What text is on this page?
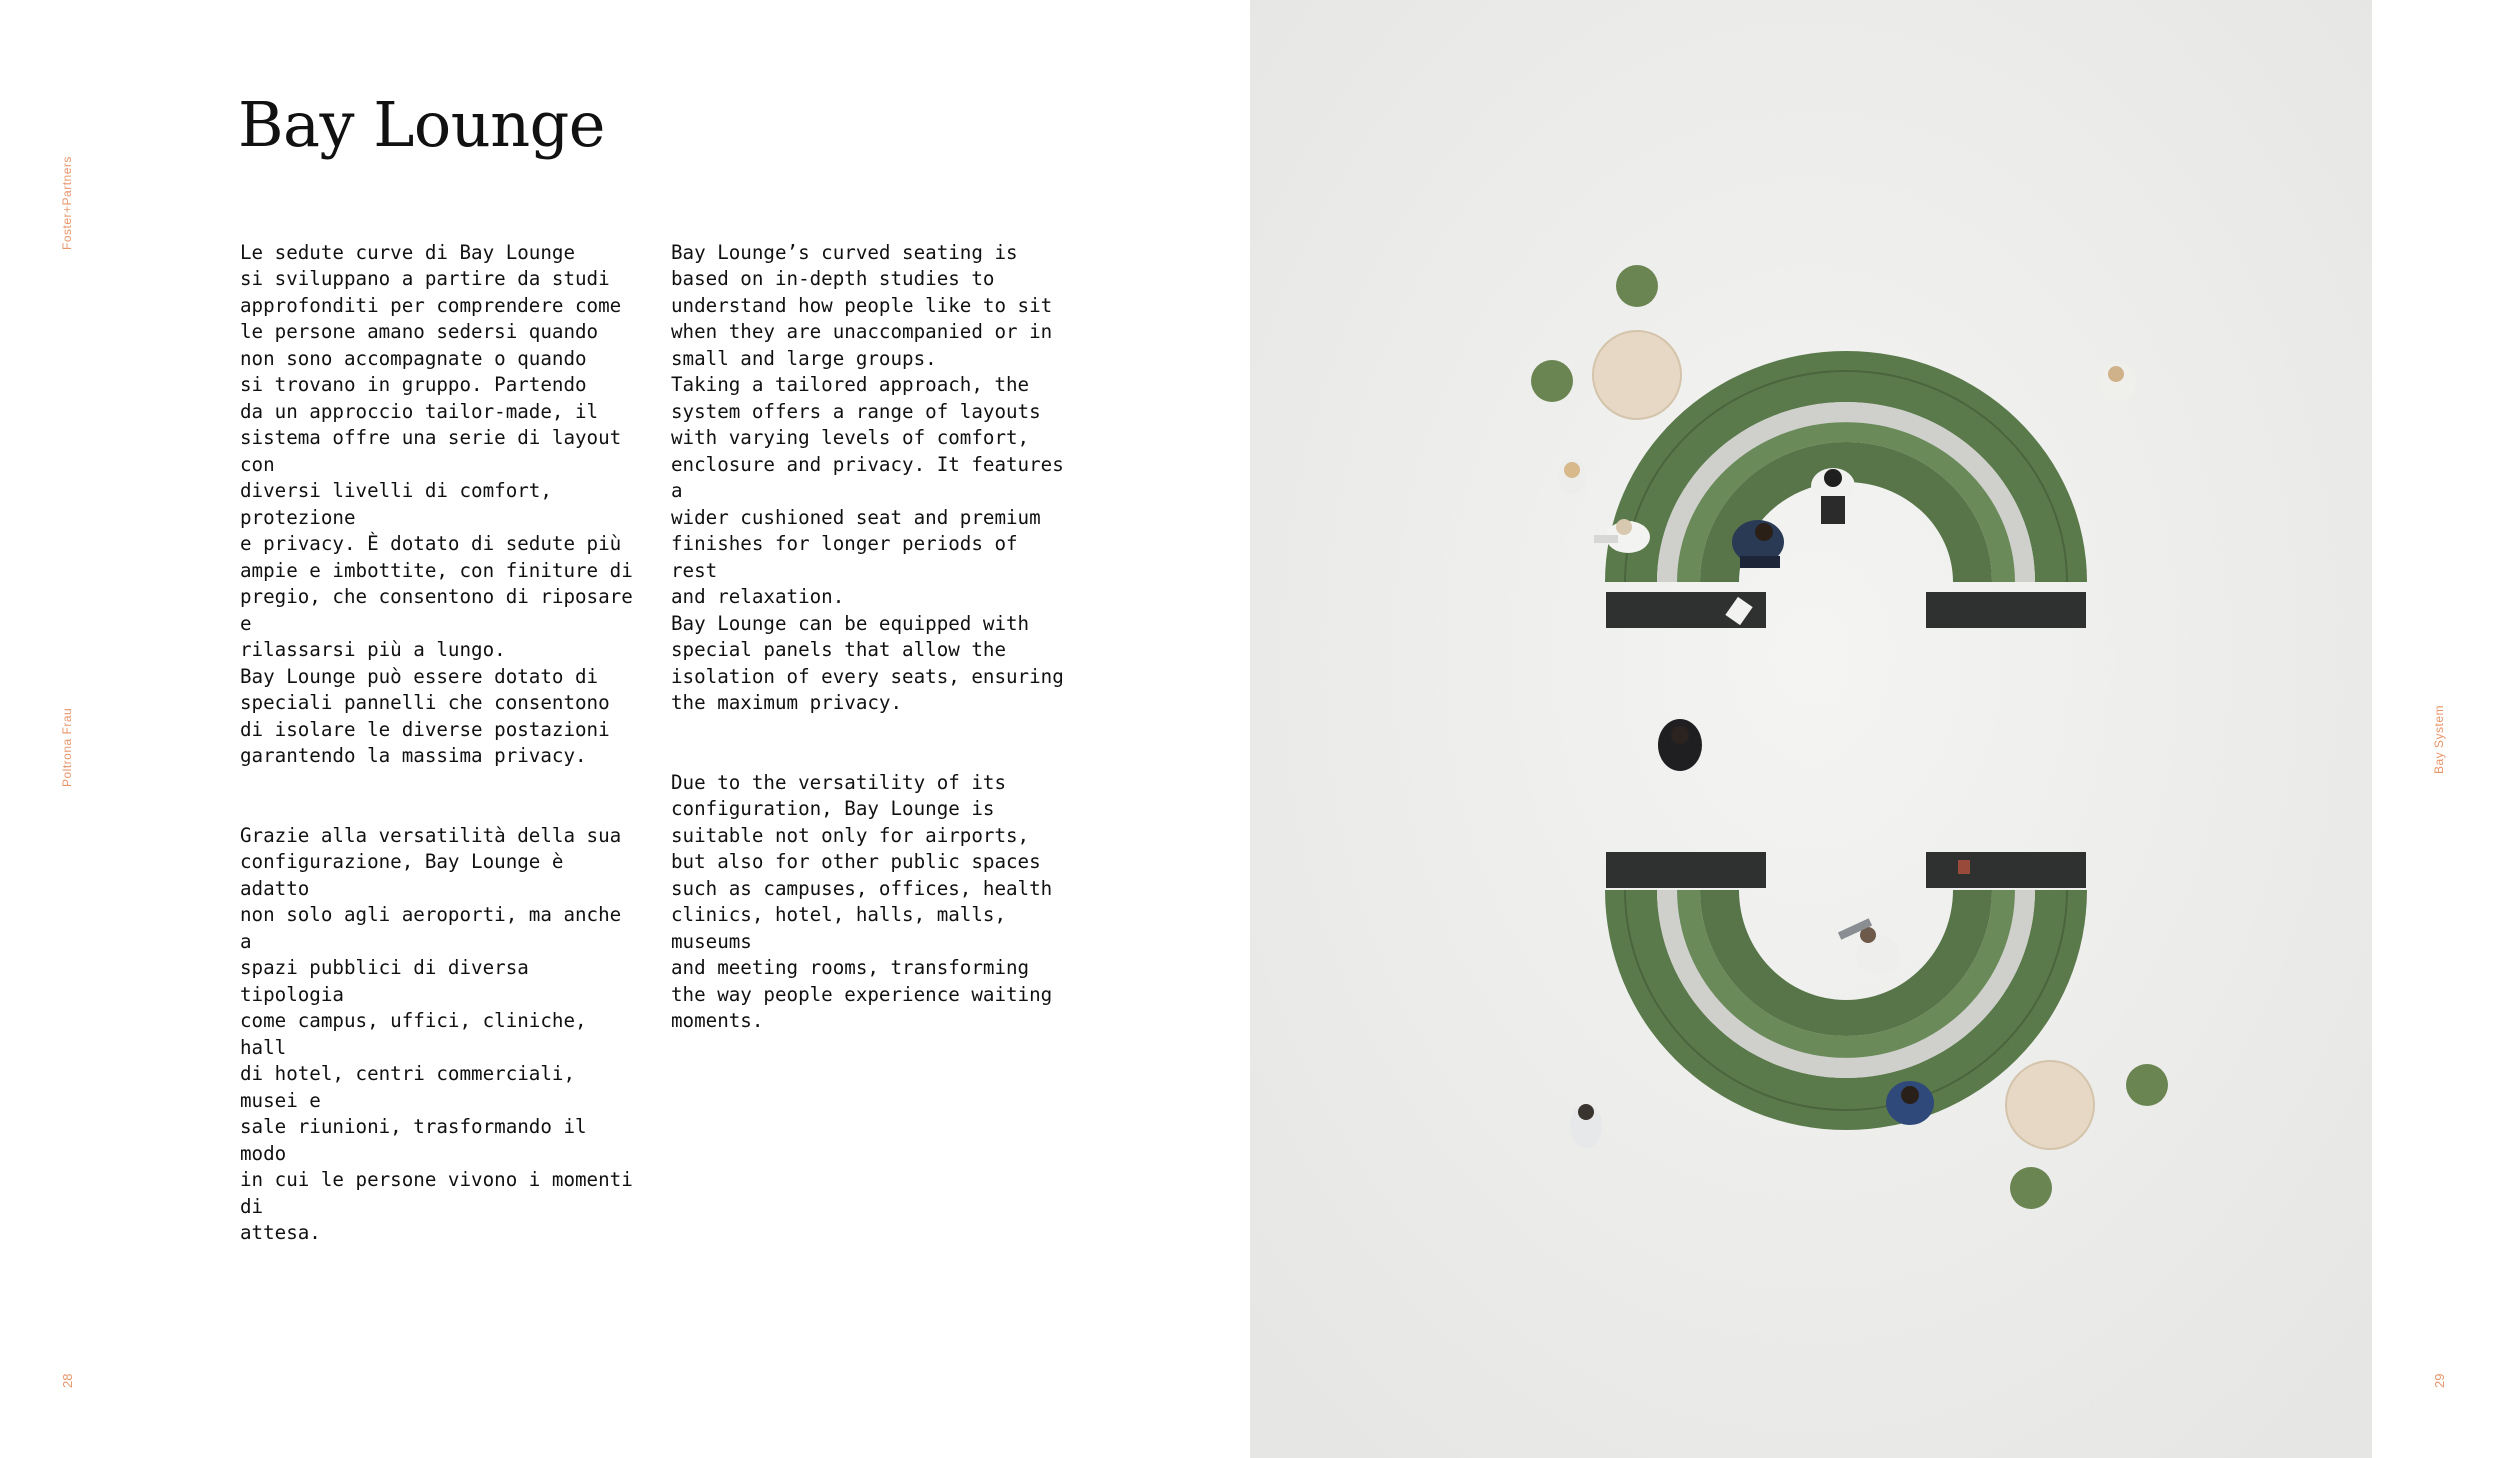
Foster+Partners
Poltrona Frau
28
Bay Lounge

Le sedute curve di Bay Lounge
si sviluppano a partire da studi
approfonditi per comprendere come
le persone amano sedersi quando
non sono accompagnate o quando
si trovano in gruppo. Partendo
da un approccio tailor-made, il
sistema offre una serie di layout con
diversi livelli di comfort, protezione
e privacy. È dotato di sedute più
ampie e imbottite, con finiture di
pregio, che consentono di riposare e
rilassarsi più a lungo.
Bay Lounge può essere dotato di
speciali pannelli che consentono
di isolare le diverse postazioni
garantendo la massima privacy.

Grazie alla versatilità della sua
configurazione, Bay Lounge è adatto
non solo agli aeroporti, ma anche a
spazi pubblici di diversa tipologia
come campus, uffici, cliniche, hall
di hotel, centri commerciali, musei e
sale riunioni, trasformando il modo
in cui le persone vivono i momenti di
attesa.

Bay Lounge’s curved seating is
based on in-depth studies to
understand how people like to sit
when they are unaccompanied or in
small and large groups.
Taking a tailored approach, the
system offers a range of layouts
with varying levels of comfort,
enclosure and privacy. It features a
wider cushioned seat and premium
finishes for longer periods of rest
and relaxation.
Bay Lounge can be equipped with
special panels that allow the
isolation of every seats, ensuring
the maximum privacy.

Due to the versatility of its
configuration, Bay Lounge is
suitable not only for airports,
but also for other public spaces
such as campuses, offices, health
clinics, hotel, halls, malls, museums
and meeting rooms, transforming
the way people experience waiting
moments.

Bay System
29
